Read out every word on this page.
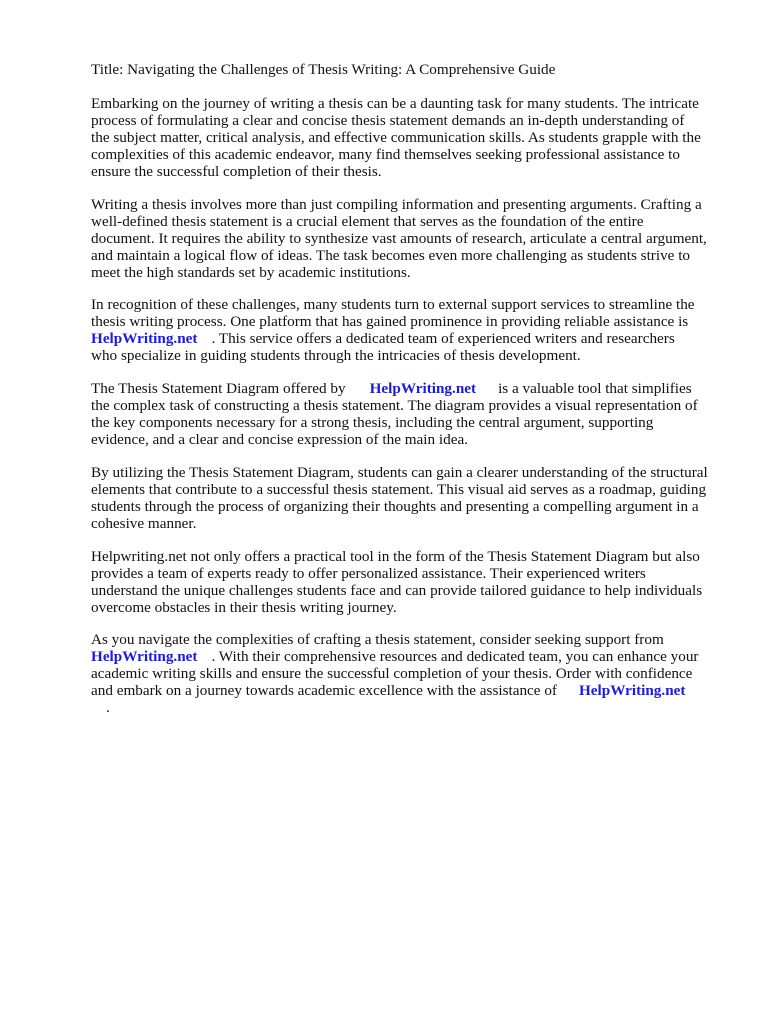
Title: Navigating the Challenges of Thesis Writing: A Comprehensive Guide
Embarking on the journey of writing a thesis can be a daunting task for many students. The intricate
process of formulating a clear and concise thesis statement demands an in-depth understanding of
the subject matter, critical analysis, and effective communication skills. As students grapple with the
complexities of this academic endeavor, many find themselves seeking professional assistance to
ensure the successful completion of their thesis.
Writing a thesis involves more than just compiling information and presenting arguments. Crafting a
well-defined thesis statement is a crucial element that serves as the foundation of the entire
document. It requires the ability to synthesize vast amounts of research, articulate a central argument,
and maintain a logical flow of ideas. The task becomes even more challenging as students strive to
meet the high standards set by academic institutions.
In recognition of these challenges, many students turn to external support services to streamline the
thesis writing process. One platform that has gained prominence in providing reliable assistance is
HelpWriting.net . This service offers a dedicated team of experienced writers and researchers
who specialize in guiding students through the intricacies of thesis development.
The Thesis Statement Diagram offered by HelpWriting.net is a valuable tool that simplifies
the complex task of constructing a thesis statement. The diagram provides a visual representation of
the key components necessary for a strong thesis, including the central argument, supporting
evidence, and a clear and concise expression of the main idea.
By utilizing the Thesis Statement Diagram, students can gain a clearer understanding of the structural
elements that contribute to a successful thesis statement. This visual aid serves as a roadmap, guiding
students through the process of organizing their thoughts and presenting a compelling argument in a
cohesive manner.
Helpwriting.net not only offers a practical tool in the form of the Thesis Statement Diagram but also
provides a team of experts ready to offer personalized assistance. Their experienced writers
understand the unique challenges students face and can provide tailored guidance to help individuals
overcome obstacles in their thesis writing journey.
As you navigate the complexities of crafting a thesis statement, consider seeking support from
HelpWriting.net . With their comprehensive resources and dedicated team, you can enhance your
academic writing skills and ensure the successful completion of your thesis. Order with confidence
and embark on a journey towards academic excellence with the assistance of HelpWriting.net
.
